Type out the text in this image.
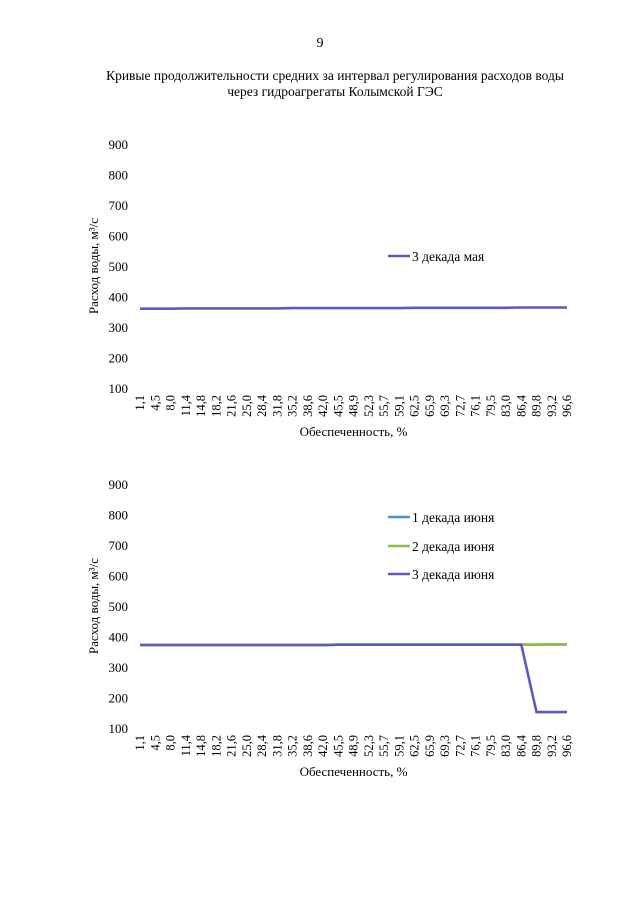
9
Кривые продолжительности средних за интервал регулирования расходов воды
через гидроагрегаты Колымской ГЭС
100
200
300
400
500
600
700
800
900
1,1 4,5 8,0 11,4 14,8 18,2 21,6 25,0 28,4 31,8 35,2 38,6 42,0 45,5 48,9 52,3 55,7 59,1 62,5 65,9 69,3 72,7 76,1 79,5 83,0 86,4 89,8 93,2 96,6
Обеспеченность, %
Расход воды, м³/с	3 декада мая
100
200
300
400
500
600
700
800
900
1,1 4,5 8,0 11,4 14,8 18,2 21,6 25,0 28,4 31,8 35,2 38,6 42,0 45,5 48,9 52,3 55,7 59,1 62,5 65,9 69,3 72,7 76,1 79,5 83,0 86,4 89,8 93,2 96,6
Обеспеченность, %
Расход воды, м³/с
1 декада июня
2 декада июня
3 декада июня
